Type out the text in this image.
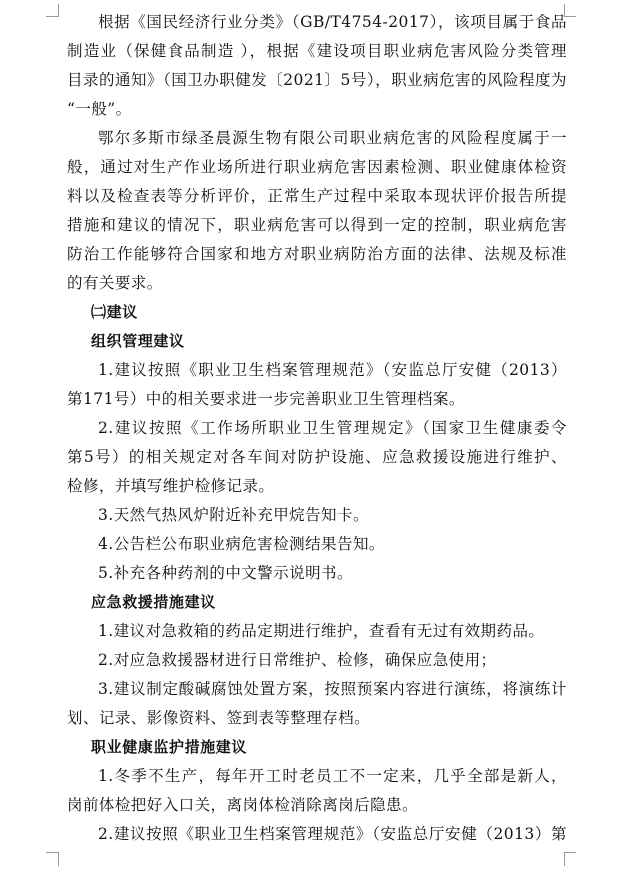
根据《国民经济行业分类》（GB/T4754-2017），该项目属于食品
制造业（保健食品制造 ），根据《建设项目职业病危害风险分类管理
目录的通知》（国卫办职健发〔2021〕5号），职业病危害的风险程度为
“一般”。
鄂尔多斯市绿圣晨源生物有限公司职业病危害的风险程度属于一
般，通过对生产作业场所进行职业病危害因素检测、职业健康体检资
料以及检查表等分析评价，正常生产过程中采取本现状评价报告所提
措施和建议的情况下，职业病危害可以得到一定的控制，职业病危害
防治工作能够符合国家和地方对职业病防治方面的法律、法规及标准
的有关要求。
㈡建议
组织管理建议
1.建议按照《职业卫生档案管理规范》（安监总厅安健（2013）
第171号）中的相关要求进一步完善职业卫生管理档案。
2.建议按照《工作场所职业卫生管理规定》（国家卫生健康委令
第5号）的相关规定对各车间对防护设施、应急救援设施进行维护、
检修，并填写维护检修记录。
3.天然气热风炉附近补充甲烷告知卡。
4.公告栏公布职业病危害检测结果告知。
5.补充各种药剂的中文警示说明书。
应急救援措施建议
1.建议对急救箱的药品定期进行维护，查看有无过有效期药品。
2.对应急救援器材进行日常维护、检修，确保应急使用；
3.建议制定酸碱腐蚀处置方案，按照预案内容进行演练，将演练计
划、记录、影像资料、签到表等整理存档。
职业健康监护措施建议
1.冬季不生产，每年开工时老员工不一定来，几乎全部是新人，
岗前体检把好入口关，离岗体检消除离岗后隐患。
2.建议按照《职业卫生档案管理规范》（安监总厅安健（2013）第
